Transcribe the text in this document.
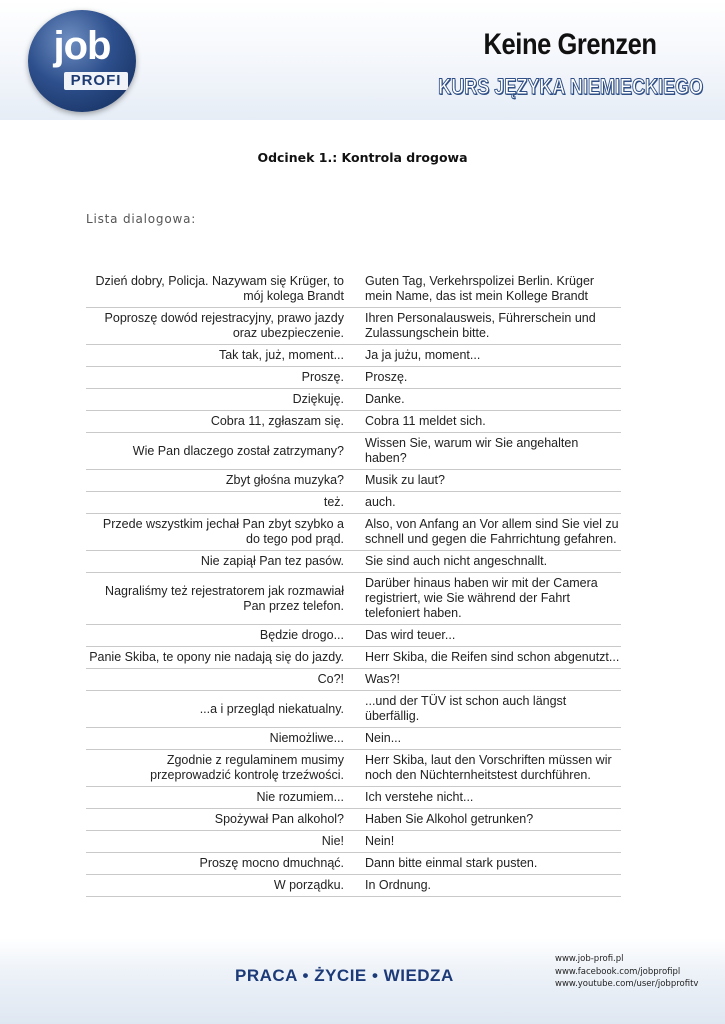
job
PROFI
Keine Grenzen
KURS JĘZYKA NIEMIECKIEGO
Odcinek 1.: Kontrola drogowa
Lista dialogowa:
Dzień dobry, Policja. Nazywam się Krüger, to mój kolega Brandt		Guten Tag, Verkehrspolizei Berlin. Krüger mein Name, das ist mein Kollege Brandt
Poproszę dowód rejestracyjny, prawo jazdy oraz ubezpieczenie.		Ihren Personalausweis, Führerschein und Zulassungschein bitte.
Tak tak, już, moment...		Ja ja jużu, moment...
Proszę.		Proszę.
Dziękuję.		Danke.
Cobra 11, zgłaszam się.		Cobra 11 meldet sich.
Wie Pan dlaczego został zatrzymany?		Wissen Sie, warum wir Sie angehalten haben?
Zbyt głośna muzyka?		Musik zu laut?
też.		auch.
Przede wszystkim jechał Pan zbyt szybko a do tego pod prąd.		Also, von Anfang an Vor allem sind Sie viel zu schnell und gegen die Fahrrichtung gefahren.
Nie zapiął Pan tez pasów.		Sie sind auch nicht angeschnallt.
Nagraliśmy też rejestratorem jak rozmawiał Pan przez telefon.		Darüber hinaus haben wir mit der Camera registriert, wie Sie während der Fahrt telefoniert haben.
Będzie drogo...		Das wird teuer...
Panie Skiba, te opony nie nadają się do jazdy.		Herr Skiba, die Reifen sind schon abgenutzt...
Co?!		Was?!
...a i przegląd niekatualny.		...und der TÜV ist schon auch längst überfällig.
Niemożliwe...		Nein...
Zgodnie z regulaminem musimy przeprowadzić kontrolę trzeźwości.		Herr Skiba, laut den Vorschriften müssen wir noch den Nüchternheitstest durchführen.
Nie rozumiem...		Ich verstehe nicht...
Spożywał Pan alkohol?		Haben Sie Alkohol getrunken?
Nie!		Nein!
Proszę mocno dmuchnąć.		Dann bitte einmal stark pusten.
W porządku.		In Ordnung.
PRACA • ŻYCIE • WIEDZA
www.job-profi.pl
www.facebook.com/jobprofipl
www.youtube.com/user/jobprofitv
